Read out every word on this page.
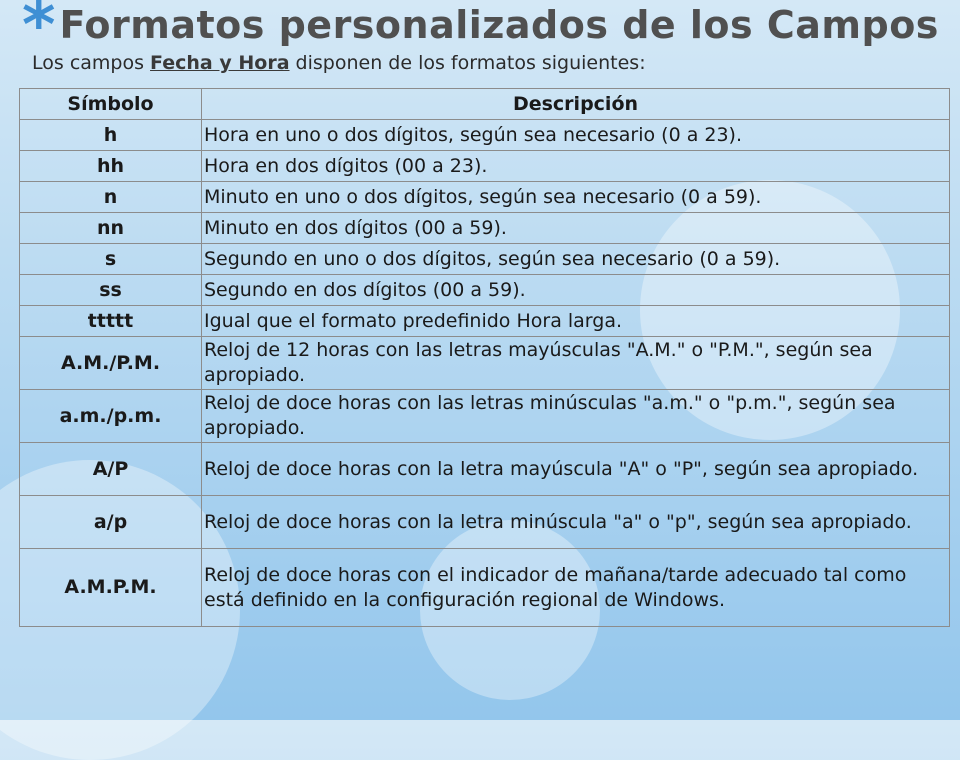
* Formatos personalizados de los Campos

Los campos Fecha y Hora disponen de los formatos siguientes:

Símbolo	Descripción
h	Hora en uno o dos dígitos, según sea necesario (0 a 23).
hh	Hora en dos dígitos (00 a 23).
n	Minuto en uno o dos dígitos, según sea necesario (0 a 59).
nn	Minuto en dos dígitos (00 a 59).
s	Segundo en uno o dos dígitos, según sea necesario (0 a 59).
ss	Segundo en dos dígitos (00 a 59).
ttttt	Igual que el formato predefinido Hora larga.
A.M./P.M.	Reloj de 12 horas con las letras mayúsculas "A.M." o "P.M.", según sea apropiado.
a.m./p.m.	Reloj de doce horas con las letras minúsculas "a.m." o "p.m.", según sea apropiado.
A/P	Reloj de doce horas con la letra mayúscula "A" o "P", según sea apropiado.
a/p	Reloj de doce horas con la letra minúscula "a" o "p", según sea apropiado.
A.M.P.M.	Reloj de doce horas con el indicador de mañana/tarde adecuado tal como está definido en la configuración regional de Windows.
